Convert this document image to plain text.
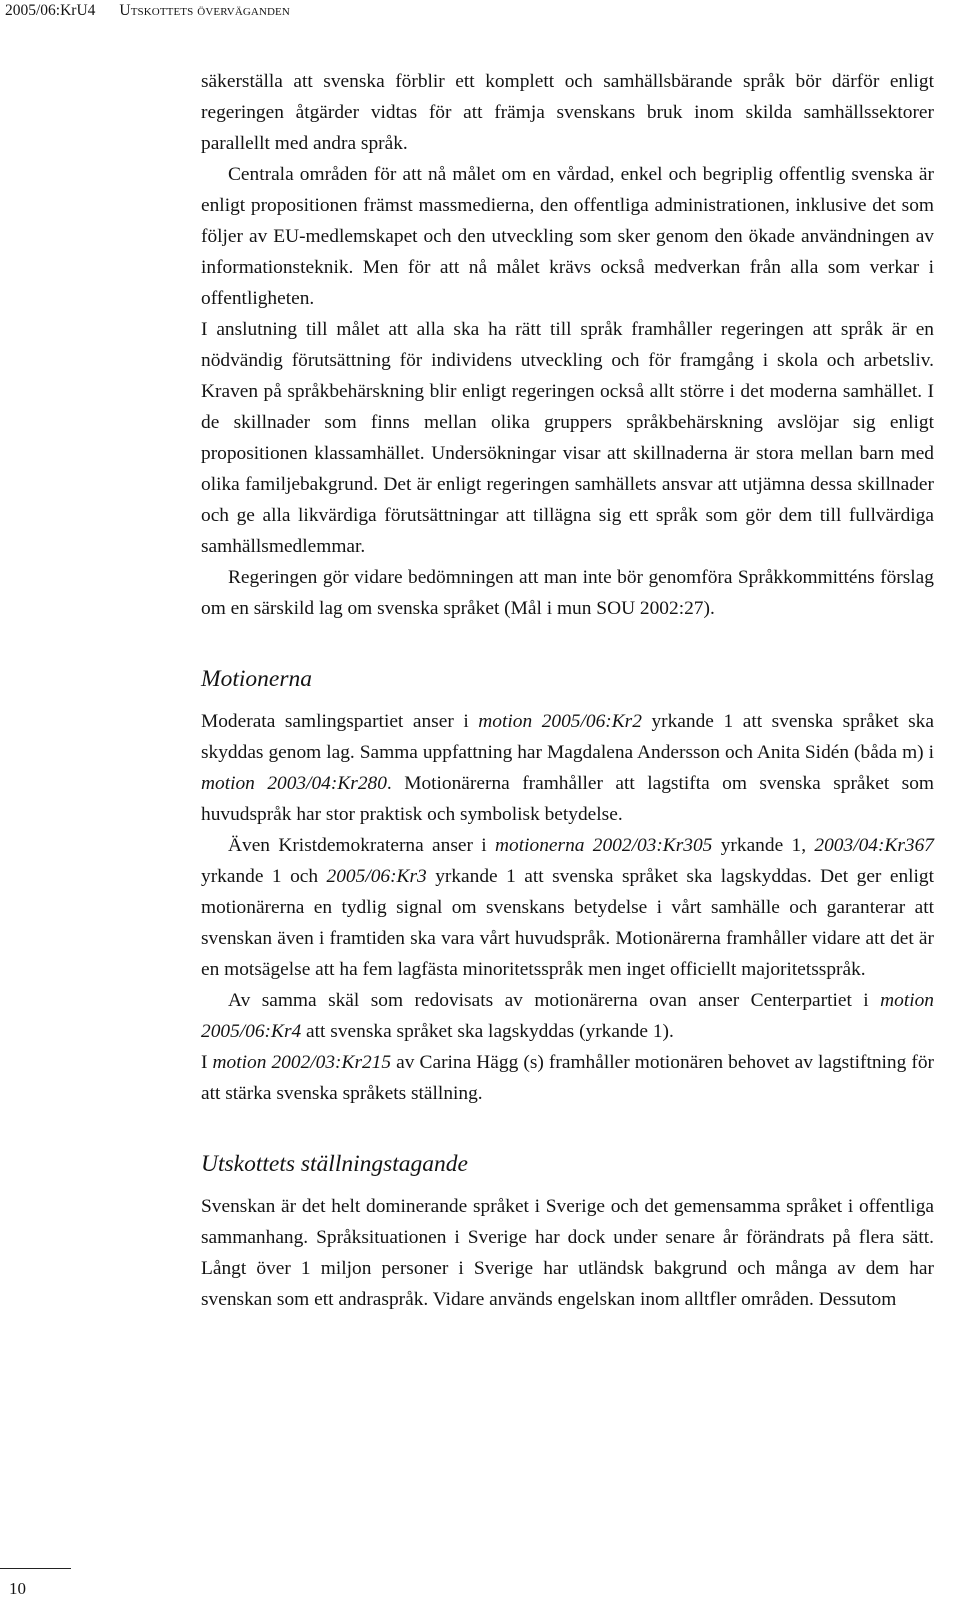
2005/06:KrU4 Utskottets överväganden

säkerställa att svenska förblir ett komplett och samhällsbärande språk bör därför enligt regeringen åtgärder vidtas för att främja svenskans bruk inom skilda samhällssektorer parallellt med andra språk.

Centrala områden för att nå målet om en vårdad, enkel och begriplig offentlig svenska är enligt propositionen främst massmedierna, den offentliga administrationen, inklusive det som följer av EU-medlemskapet och den utveckling som sker genom den ökade användningen av informationsteknik. Men för att nå målet krävs också medverkan från alla som verkar i offentligheten.

I anslutning till målet att alla ska ha rätt till språk framhåller regeringen att språk är en nödvändig förutsättning för individens utveckling och för framgång i skola och arbetsliv. Kraven på språkbehärskning blir enligt regeringen också allt större i det moderna samhället. I de skillnader som finns mellan olika gruppers språkbehärskning avslöjar sig enligt propositionen klassamhället. Undersökningar visar att skillnaderna är stora mellan barn med olika familjebakgrund. Det är enligt regeringen samhällets ansvar att utjämna dessa skillnader och ge alla likvärdiga förutsättningar att tillägna sig ett språk som gör dem till fullvärdiga samhällsmedlemmar.

Regeringen gör vidare bedömningen att man inte bör genomföra Språkkommitténs förslag om en särskild lag om svenska språket (Mål i mun SOU 2002:27).

Motionerna

Moderata samlingspartiet anser i motion 2005/06:Kr2 yrkande 1 att svenska språket ska skyddas genom lag. Samma uppfattning har Magdalena Andersson och Anita Sidén (båda m) i motion 2003/04:Kr280. Motionärerna framhåller att lagstifta om svenska språket som huvudspråk har stor praktisk och symbolisk betydelse.

Även Kristdemokraterna anser i motionerna 2002/03:Kr305 yrkande 1, 2003/04:Kr367 yrkande 1 och 2005/06:Kr3 yrkande 1 att svenska språket ska lagskyddas. Det ger enligt motionärerna en tydlig signal om svenskans betydelse i vårt samhälle och garanterar att svenskan även i framtiden ska vara vårt huvudspråk. Motionärerna framhåller vidare att det är en motsägelse att ha fem lagfästa minoritetsspråk men inget officiellt majoritetsspråk.

Av samma skäl som redovisats av motionärerna ovan anser Centerpartiet i motion 2005/06:Kr4 att svenska språket ska lagskyddas (yrkande 1).

I motion 2002/03:Kr215 av Carina Hägg (s) framhåller motionären behovet av lagstiftning för att stärka svenska språkets ställning.

Utskottets ställningstagande

Svenskan är det helt dominerande språket i Sverige och det gemensamma språket i offentliga sammanhang. Språksituationen i Sverige har dock under senare år förändrats på flera sätt. Långt över 1 miljon personer i Sverige har utländsk bakgrund och många av dem har svenskan som ett andraspråk. Vidare används engelskan inom alltfler områden. Dessutom

10
